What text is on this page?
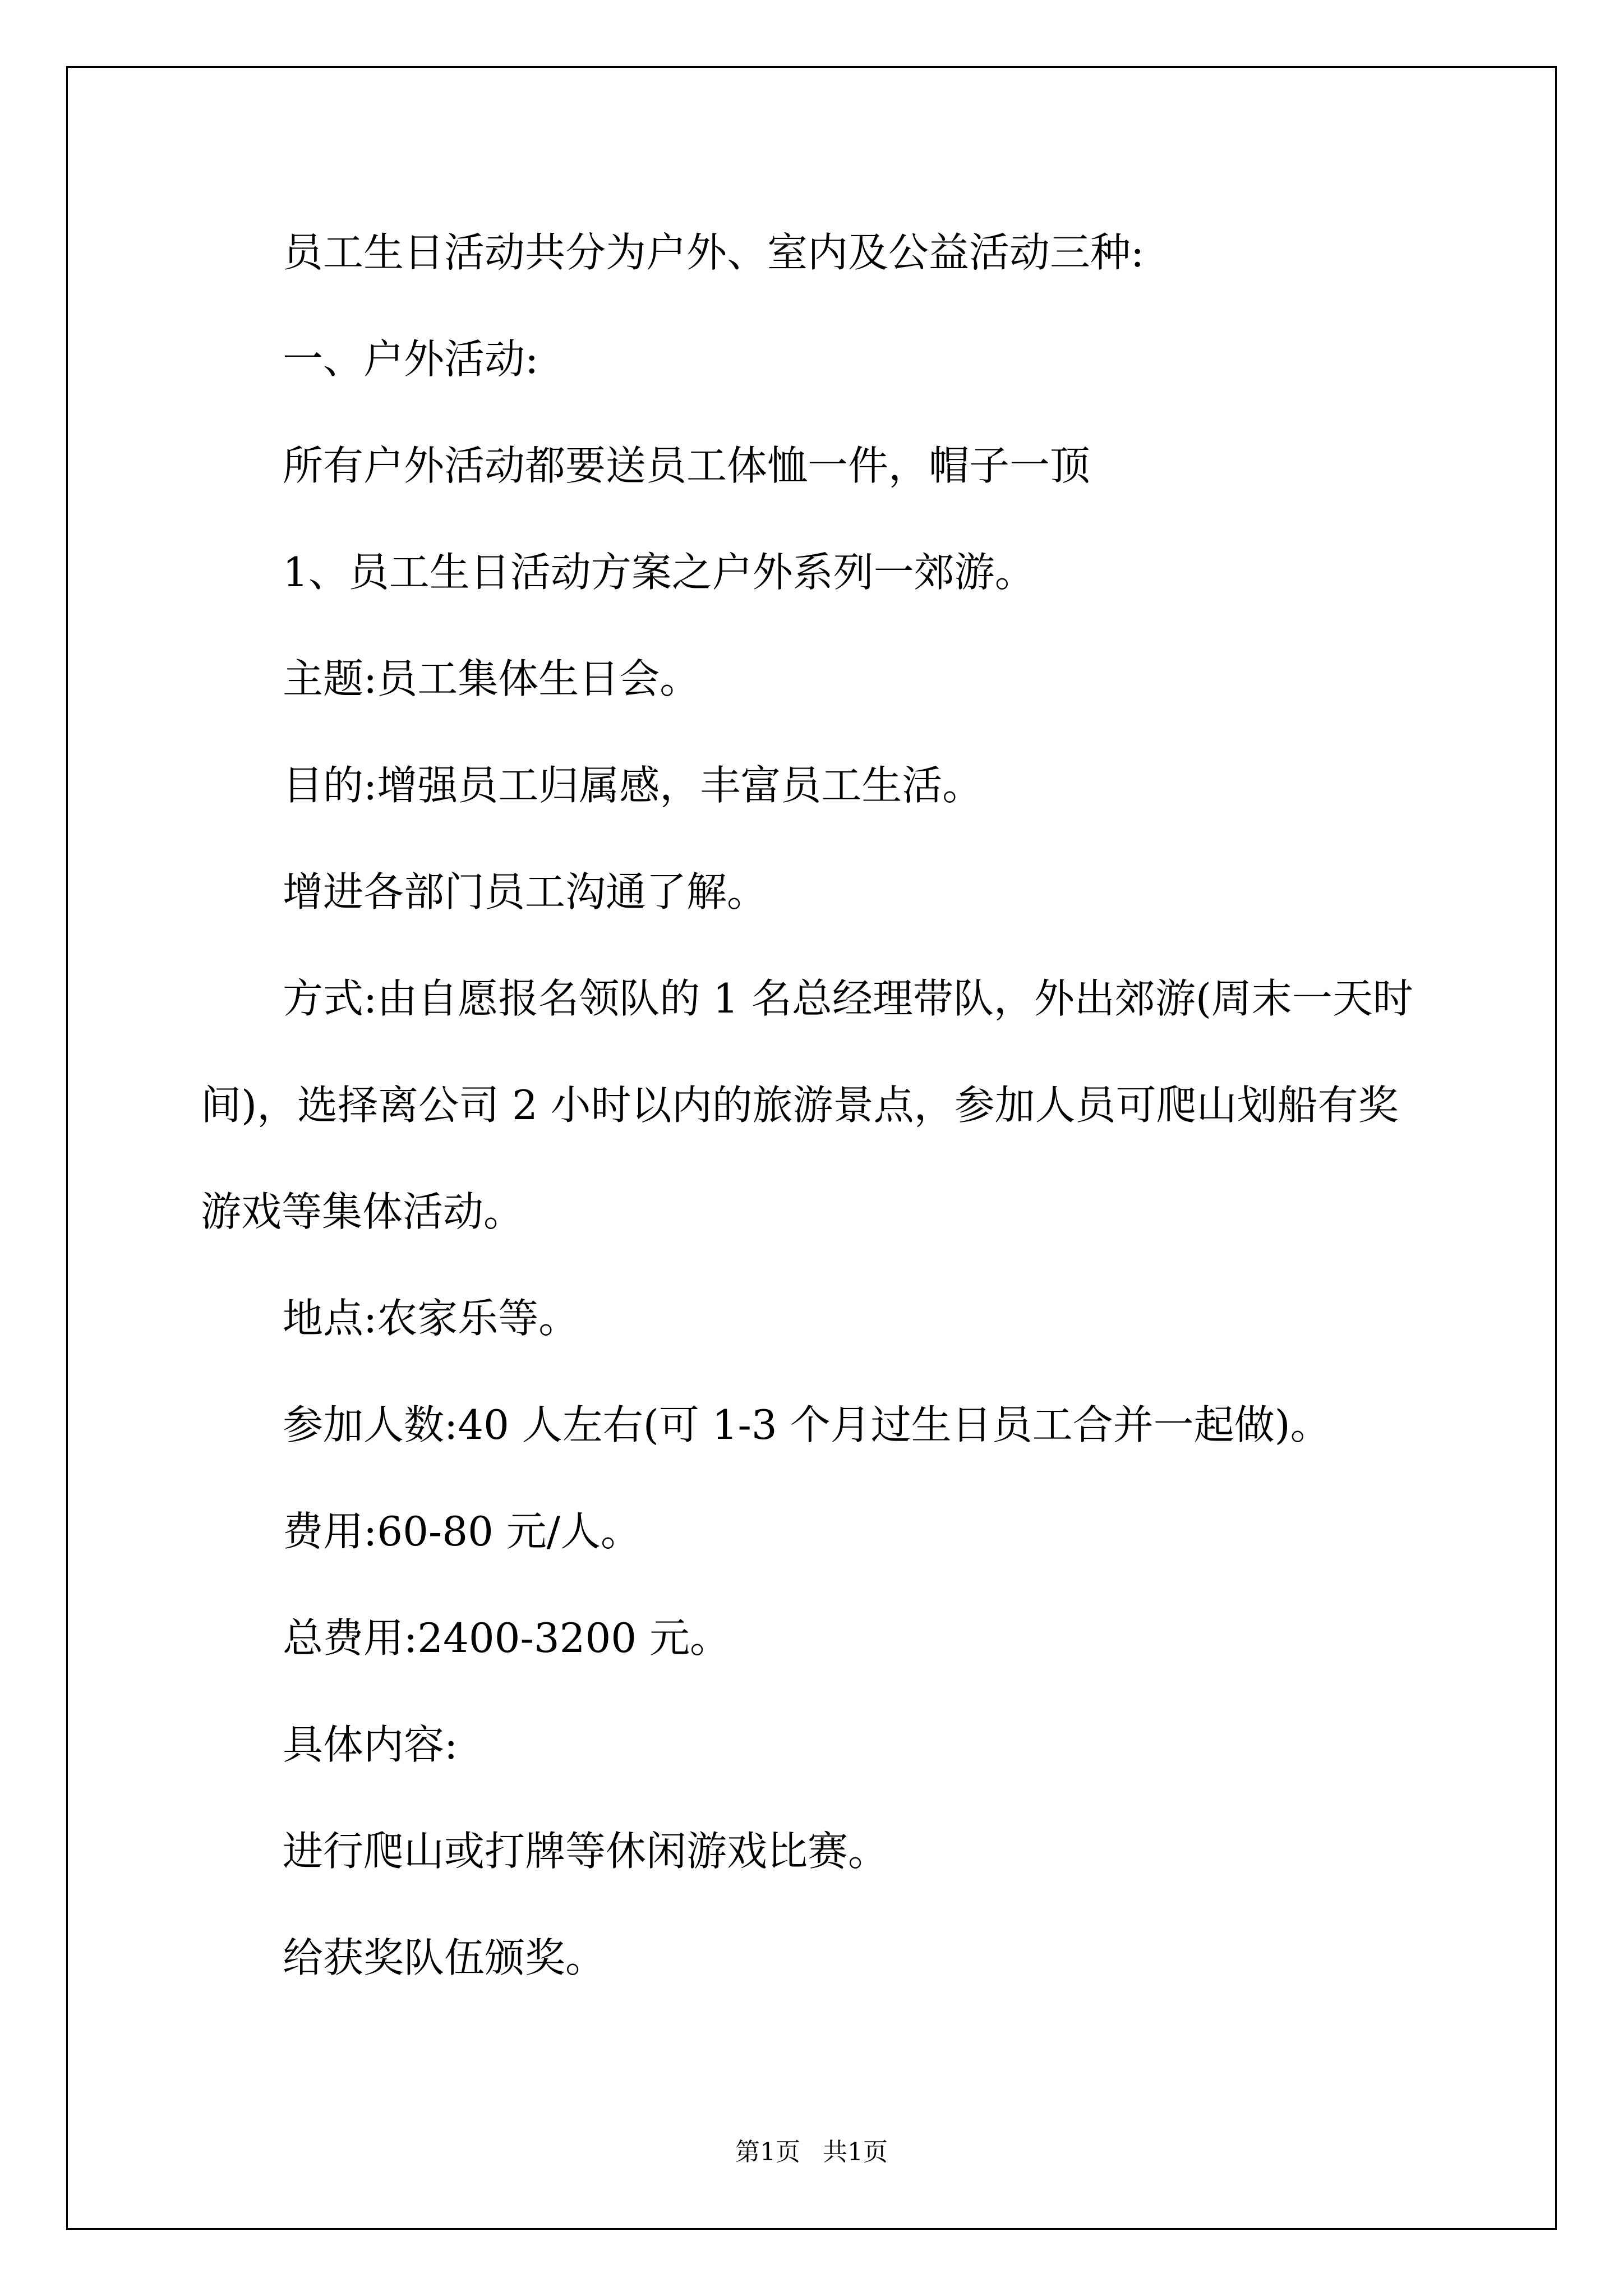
员工生日活动共分为户外、室内及公益活动三种:

一、户外活动:

所有户外活动都要送员工体恤一件，帽子一顶

1、员工生日活动方案之户外系列一郊游。

主题:员工集体生日会。

目的:增强员工归属感，丰富员工生活。

增进各部门员工沟通了解。

方式:由自愿报名领队的 1 名总经理带队，外出郊游(周末一天时间)，选择离公司 2 小时以内的旅游景点，参加人员可爬山划船有奖游戏等集体活动。

地点:农家乐等。

参加人数:40 人左右(可 1-3 个月过生日员工合并一起做)。

费用:60-80 元/人。

总费用:2400-3200 元。

具体内容:

进行爬山或打牌等休闲游戏比赛。

给获奖队伍颁奖。

第1页 共1页
